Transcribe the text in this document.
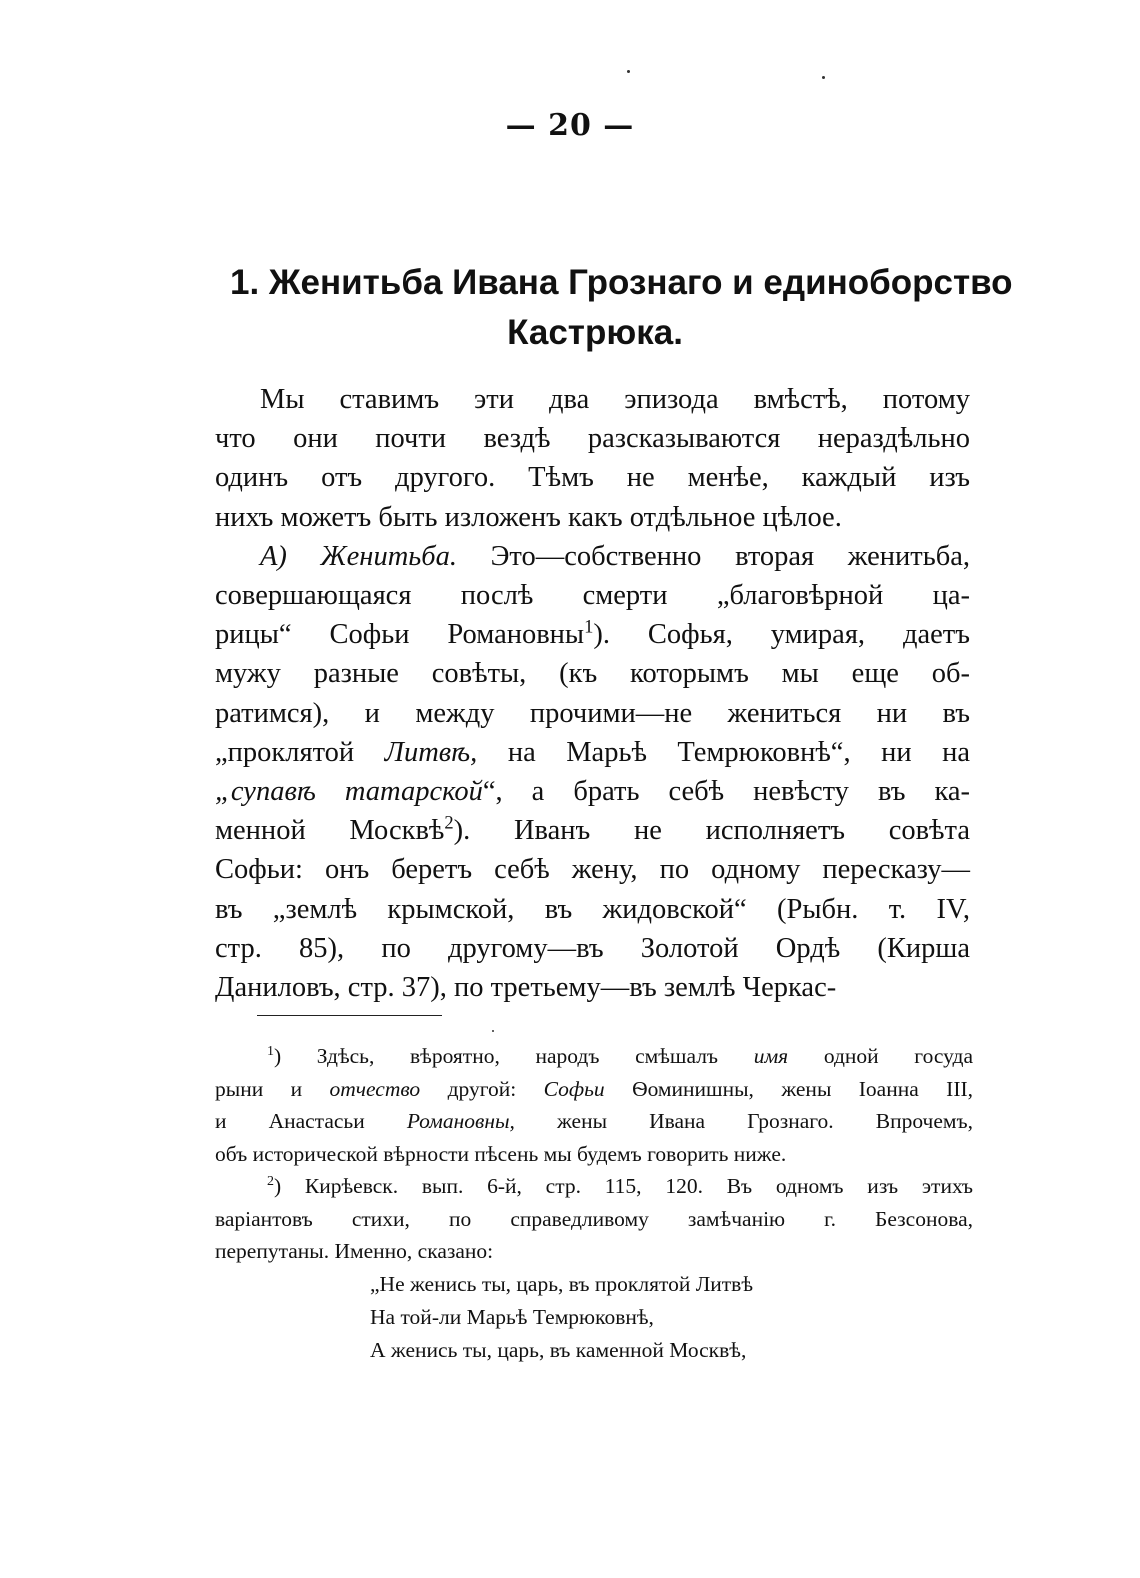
— 20 —
1. Женитьба Ивана Грознаго и единоборство
Кастрюка.
Мы ставимъ эти два эпизода вмѣстѣ, потому
что они почти вездѣ разсказываются нераздѣльно
одинъ отъ другого. Тѣмъ не менѣе, каждый изъ
нихъ можетъ быть изложенъ какъ отдѣльное цѣлое.
А) Женитьба. Это—собственно вторая женитьба,
совершающаяся послѣ смерти „благовѣрной ца-
рицы“ Софьи Романовны$^1$). Софья, умирая, даетъ
мужу разные совѣты, (къ которымъ мы еще об-
ратимся), и между прочими—не жениться ни въ
„проклятой Литвѣ, на Марьѣ Темрюковнѣ“, ни на
„супавѣ татарской“, а брать себѣ невѣсту въ ка-
менной Москвѣ$^2$). Иванъ не исполняетъ совѣта
Софьи: онъ беретъ себѣ жену, по одному пересказу—
въ „землѣ крымской, въ жидовской“ (Рыбн. т. IV,
стр. 85), по другому—въ Золотой Ордѣ (Кирша
Даниловъ, стр. 37), по третьему—въ землѣ Черкас-
$^1$) Здѣсь, вѣроятно, народъ смѣшалъ имя одной госуда
рыни и отчество другой: Софьи Ѳоминишны, жены Іоанна III,
и Анастасьи Романовны, жены Ивана Грознаго. Впрочемъ,
объ исторической вѣрности пѣсень мы будемъ говорить ниже.
$^2$) Кирѣевск. вып. 6-й, стр. 115, 120. Въ одномъ изъ этихъ
варіантовъ стихи, по справедливому замѣчанію г. Безсонова,
перепутаны. Именно, сказано:
„Не женись ты, царь, въ проклятой Литвѣ
На той-ли Марьѣ Темрюковнѣ,
А женись ты, царь, въ каменной Москвѣ,
